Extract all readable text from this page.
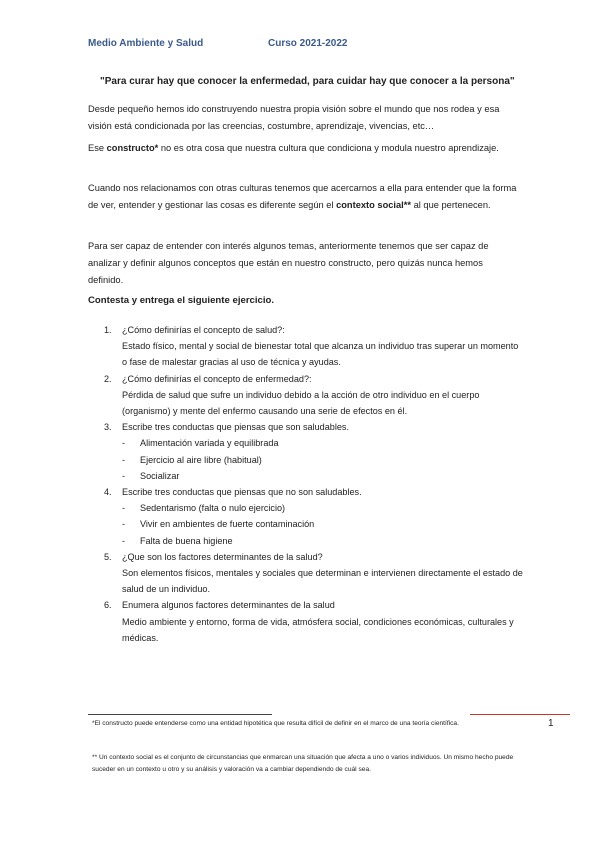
Medio Ambiente y Salud	Curso 2021-2022
"Para curar hay que conocer la enfermedad, para cuidar hay que conocer a la persona"

Desde pequeño hemos ido construyendo nuestra propia visión sobre el mundo que nos rodea y esa visión está condicionada por las creencias, costumbre, aprendizaje, vivencias, etc…

Ese constructo* no es otra cosa que nuestra cultura que condiciona y modula nuestro aprendizaje.

Cuando nos relacionamos con otras culturas tenemos que acercarnos a ella para entender que la forma de ver, entender y gestionar las cosas es diferente según el contexto social** al que pertenecen.

Para ser capaz de entender con interés algunos temas, anteriormente tenemos que ser capaz de analizar y definir algunos conceptos que están en nuestro constructo, pero quizás nunca hemos definido.

Contesta y entrega el siguiente ejercicio.
1.	¿Cómo definirías el concepto de salud?:
Estado físico, mental y social de bienestar total que alcanza un individuo tras superar un momento o fase de malestar gracias al uso de técnica y ayudas.
2.	¿Cómo definirías el concepto de enfermedad?:
Pérdida de salud que sufre un individuo debido a la acción de otro individuo en el cuerpo (organismo) y mente del enfermo causando una serie de efectos en él.
3.	Escribe tres conductas que piensas que son saludables.
-	Alimentación variada y equilibrada
-	Ejercicio al aire libre (habitual)
-	Socializar
4.	Escribe tres conductas que piensas que no son saludables.
-	Sedentarismo (falta o nulo ejercicio)
-	Vivir en ambientes de fuerte contaminación
-	Falta de buena higiene
5.	¿Que son los factores determinantes de la salud?
Son elementos físicos, mentales y sociales que determinan e intervienen directamente el estado de salud de un individuo.
6.	Enumera algunos factores determinantes de la salud
Medio ambiente y entorno, forma de vida, atmósfera social, condiciones económicas, culturales y médicas.
1
*El constructo puede entenderse como una entidad hipotética que resulta difícil de definir en el marco de una teoría científica.
** Un contexto social es el conjunto de circunstancias que enmarcan una situación que afecta a uno o varios individuos. Un mismo hecho puede suceder en un contexto u otro y su análisis y valoración va a cambiar dependiendo de cuál sea.
